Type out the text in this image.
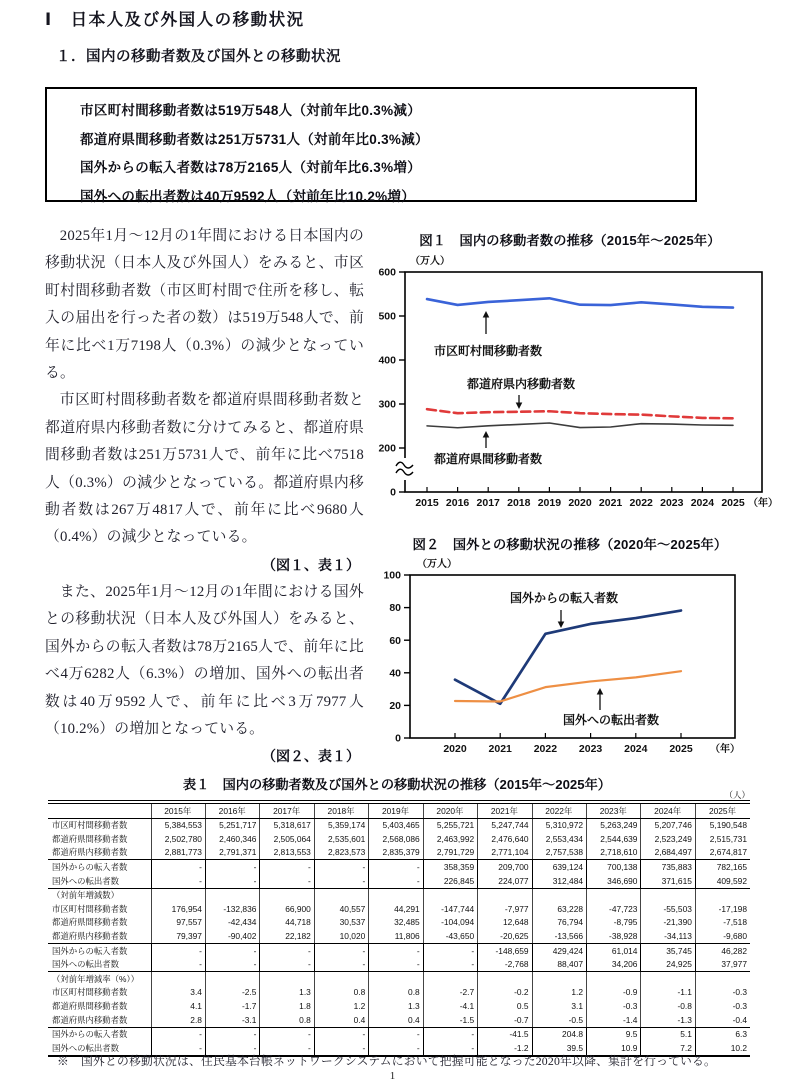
Ⅰ　日本人及び外国人の移動状況
１．国内の移動者数及び国外との移動状況
市区町村間移動者数は519万548人（対前年比0.3%減）
都道府県間移動者数は251万5731人（対前年比0.3%減）
国外からの転入者数は78万2165人（対前年比6.3%増）
国外への転出者数は40万9592人（対前年比10.2%増）

2025年1月～12月の1年間における日本国内の移動状況（日本人及び外国人）をみると、市区町村間移動者数（市区町村間で住所を移し、転入の届出を行った者の数）は519万548人で、前年に比べ1万7198人（0.3%）の減少となっている。

市区町村間移動者数を都道府県間移動者数と都道府県内移動者数に分けてみると、都道府県間移動者数は251万5731人で、前年に比べ7518人（0.3%）の減少となっている。都道府県内移動者数は267万4817人で、前年に比べ9680人（0.4%）の減少となっている。

（図１、表１）

また、2025年1月～12月の1年間における国外との移動状況（日本人及び外国人）をみると、国外からの転入者数は78万2165人で、前年に比べ4万6282人（6.3%）の増加、国外への転出者数は40万9592人で、前年に比べ3万7977人（10.2%）の増加となっている。

（図２、表１）
図１　国内の移動者数の推移（2015年～2025年）
0
200
300
400
500
600
2015 2016 2017 2018 2019 2020 2021 2022 2023 2024 2025
市区町村間移動者数
都道府県内移動者数
都道府県間移動者数
（万人）
（年）
図２　国外との移動状況の推移（2020年～2025年）
0
20
40
60
80
100
2020 2021 2022 2023 2024 2025
国外からの転入者数
国外への転出者数
（万人）
（年）
表１　国内の移動者数及び国外との移動状況の推移（2015年～2025年）
（人）
	2015年	2016年	2017年	2018年	2019年	2020年	2021年	2022年	2023年	2024年	2025年
市区町村間移動者数	5,384,553	5,251,717	5,318,617	5,359,174	5,403,465	5,255,721	5,247,744	5,310,972	5,263,249	5,207,746	5,190,548
都道府県間移動者数	2,502,780	2,460,346	2,505,064	2,535,601	2,568,086	2,463,992	2,476,640	2,553,434	2,544,639	2,523,249	2,515,731
都道府県内移動者数	2,881,773	2,791,371	2,813,553	2,823,573	2,835,379	2,791,729	2,771,104	2,757,538	2,718,610	2,684,497	2,674,817
国外からの転入者数	-	-	-	-	-	358,359	209,700	639,124	700,138	735,883	782,165
国外への転出者数	-	-	-	-	-	226,845	224,077	312,484	346,690	371,615	409,592
（対前年増減数）											
市区町村間移動者数	176,954	-132,836	66,900	40,557	44,291	-147,744	-7,977	63,228	-47,723	-55,503	-17,198
都道府県間移動者数	97,557	-42,434	44,718	30,537	32,485	-104,094	12,648	76,794	-8,795	-21,390	-7,518
都道府県内移動者数	79,397	-90,402	22,182	10,020	11,806	-43,650	-20,625	-13,566	-38,928	-34,113	-9,680
国外からの転入者数	-	-	-	-	-	-	-148,659	429,424	61,014	35,745	46,282
国外への転出者数	-	-	-	-	-	-	-2,768	88,407	34,206	24,925	37,977
（対前年増減率（%））											
市区町村間移動者数	3.4	-2.5	1.3	0.8	0.8	-2.7	-0.2	1.2	-0.9	-1.1	-0.3
都道府県間移動者数	4.1	-1.7	1.8	1.2	1.3	-4.1	0.5	3.1	-0.3	-0.8	-0.3
都道府県内移動者数	2.8	-3.1	0.8	0.4	0.4	-1.5	-0.7	-0.5	-1.4	-1.3	-0.4
国外からの転入者数	-	-	-	-	-	-	-41.5	204.8	9.5	5.1	6.3
国外への転出者数	-	-	-	-	-	-	-1.2	39.5	10.9	7.2	10.2
※　国外との移動状況は、住民基本台帳ネットワークシステムにおいて把握可能となった2020年以降、集計を行っている。
1
